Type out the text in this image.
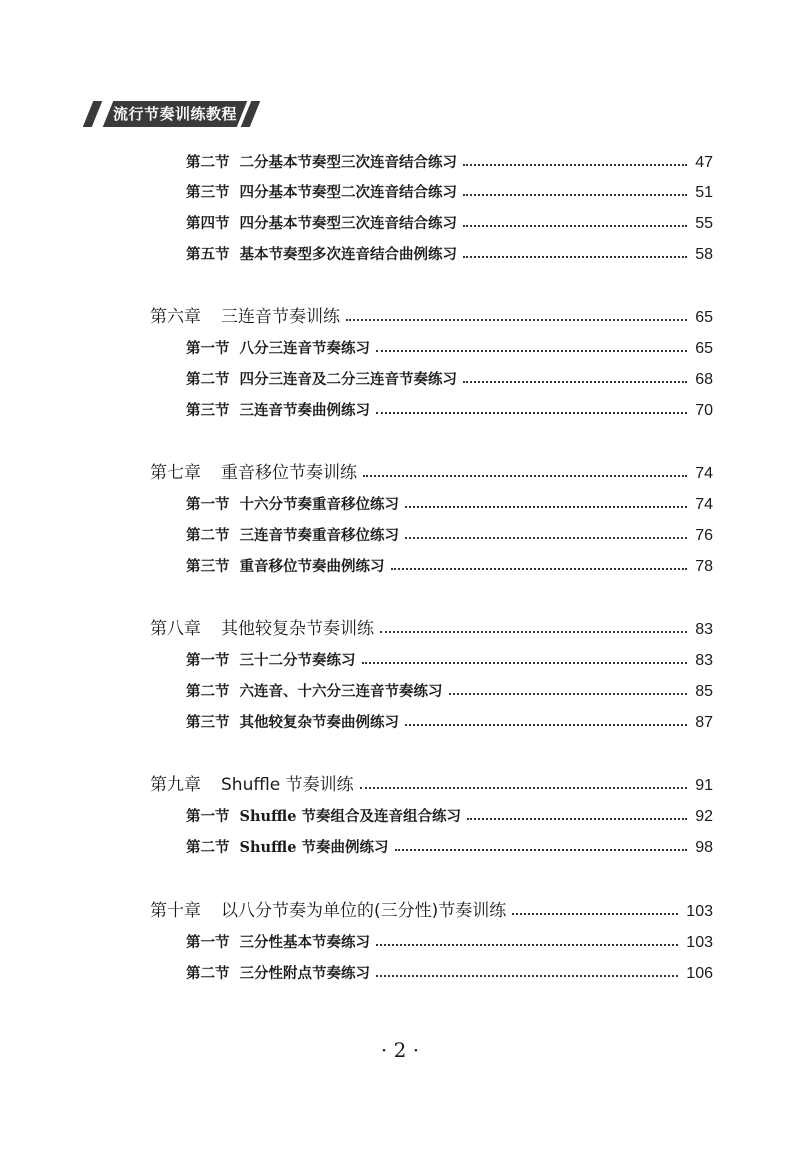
流行节奏训练教程
第二节 二分基本节奏型三次连音结合练习	47
第三节 四分基本节奏型二次连音结合练习	51
第四节 四分基本节奏型三次连音结合练习	55
第五节 基本节奏型多次连音结合曲例练习	58
第六章	三连音节奏训练	65
第一节 八分三连音节奏练习	65
第二节 四分三连音及二分三连音节奏练习	68
第三节 三连音节奏曲例练习	70
第七章	重音移位节奏训练	74
第一节 十六分节奏重音移位练习	74
第二节 三连音节奏重音移位练习	76
第三节 重音移位节奏曲例练习	78
第八章	其他较复杂节奏训练	83
第一节 三十二分节奏练习	83
第二节 六连音、十六分三连音节奏练习	85
第三节 其他较复杂节奏曲例练习	87
第九章	Shuffle 节奏训练	91
第一节 Shuffle 节奏组合及连音组合练习	92
第二节 Shuffle 节奏曲例练习	98
第十章	以八分节奏为单位的(三分性)节奏训练	103
第一节 三分性基本节奏练习	103
第二节 三分性附点节奏练习	106
· 2 ·
